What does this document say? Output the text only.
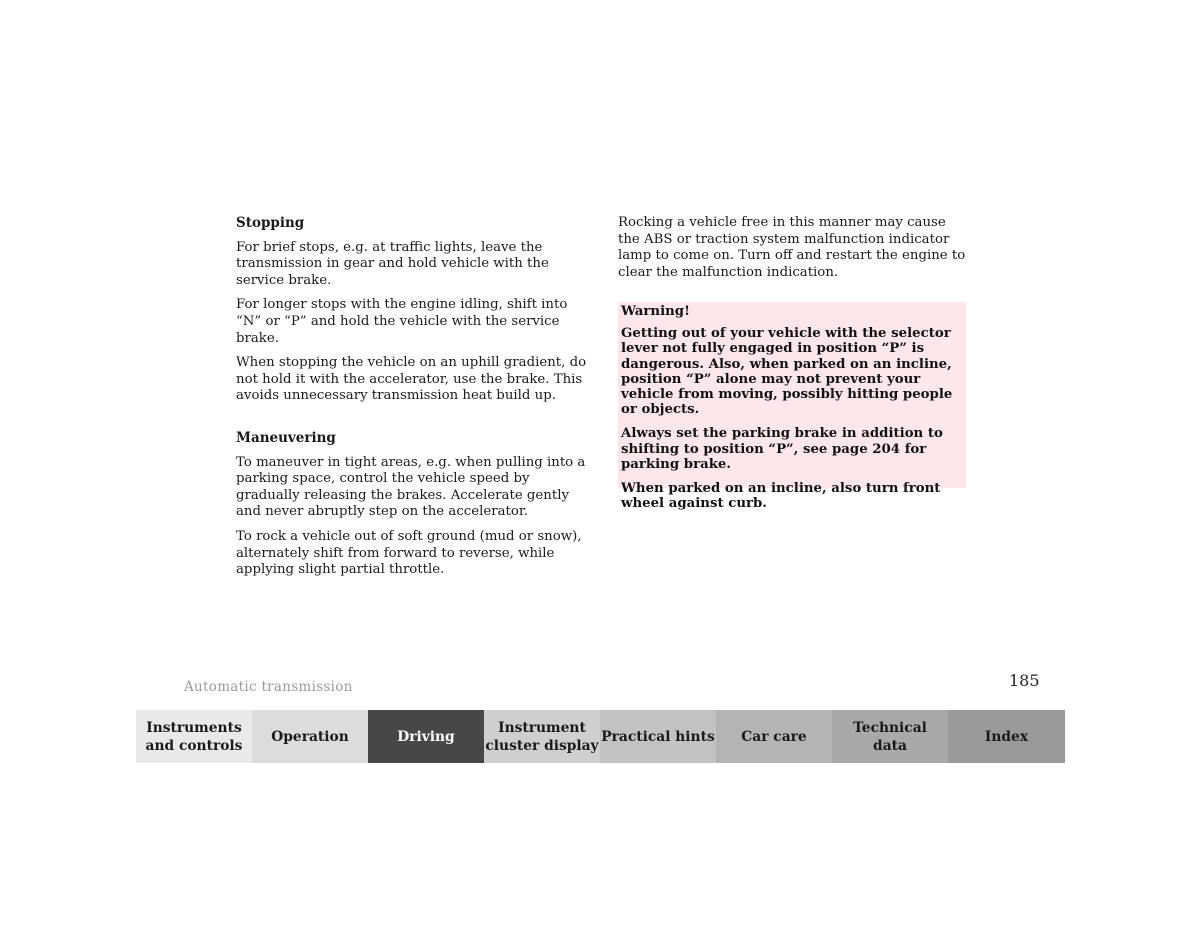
Stopping

For brief stops, e.g. at traffic lights, leave the transmission in gear and hold vehicle with the service brake.

For longer stops with the engine idling, shift into “N” or “P” and hold the vehicle with the service brake.

When stopping the vehicle on an uphill gradient, do not hold it with the accelerator, use the brake. This avoids unnecessary transmission heat build up.

Maneuvering

To maneuver in tight areas, e.g. when pulling into a parking space, control the vehicle speed by gradually releasing the brakes. Accelerate gently and never abruptly step on the accelerator.

To rock a vehicle out of soft ground (mud or snow), alternately shift from forward to reverse, while applying slight partial throttle.

Rocking a vehicle free in this manner may cause the ABS or traction system malfunction indicator lamp to come on. Turn off and restart the engine to clear the malfunction indication.

Warning!

Getting out of your vehicle with the selector lever not fully engaged in position “P” is dangerous. Also, when parked on an incline, position “P” alone may not prevent your vehicle from moving, possibly hitting people or objects.

Always set the parking brake in addition to shifting to position “P”, see page 204 for parking brake.

When parked on an incline, also turn front wheel against curb.

Automatic transmission	185
Instruments
and controls
Operation	Driving
Instrument
cluster display
Practical hints Car care
Technical
data
Index
